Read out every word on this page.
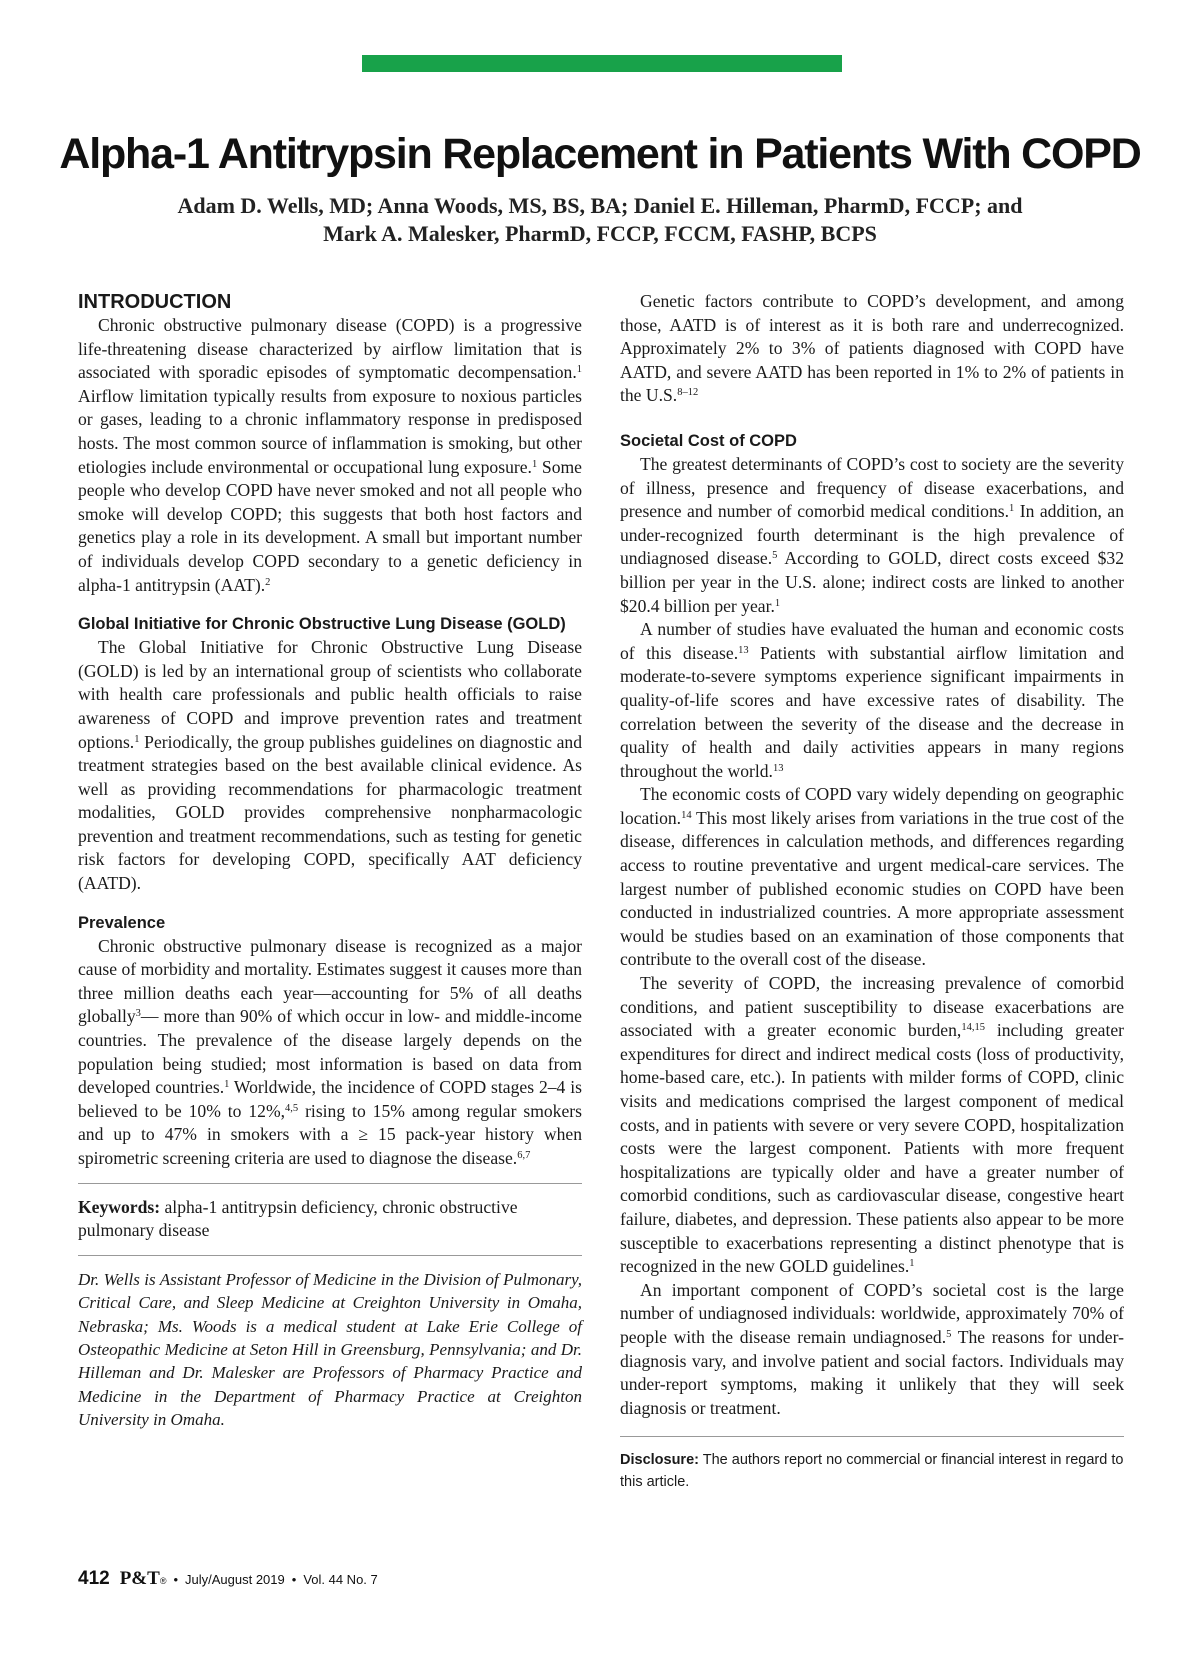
Alpha-1 Antitrypsin Replacement in Patients With COPD
Adam D. Wells, MD; Anna Woods, MS, BS, BA; Daniel E. Hilleman, PharmD, FCCP; and
Mark A. Malesker, PharmD, FCCP, FCCM, FASHP, BCPS
INTRODUCTION

Chronic obstructive pulmonary disease (COPD) is a progressive life-threatening disease characterized by airflow limitation that is associated with sporadic episodes of symptomatic decompensation.$^1$ Airflow limitation typically results from exposure to noxious particles or gases, leading to a chronic inflammatory response in predisposed hosts. The most common source of inflammation is smoking, but other etiologies include environmental or occupational lung exposure.$^1$ Some people who develop COPD have never smoked and not all people who smoke will develop COPD; this suggests that both host factors and genetics play a role in its development. A small but important number of individuals develop COPD secondary to a genetic deficiency in alpha-1 antitrypsin (AAT).$^2$

Global Initiative for Chronic Obstructive Lung Disease (GOLD)

The Global Initiative for Chronic Obstructive Lung Disease (GOLD) is led by an international group of scientists who collaborate with health care professionals and public health officials to raise awareness of COPD and improve prevention rates and treatment options.$^1$ Periodically, the group publishes guidelines on diagnostic and treatment strategies based on the best available clinical evidence. As well as providing recommendations for pharmacologic treatment modalities, GOLD provides comprehensive nonpharmacologic prevention and treatment recommendations, such as testing for genetic risk factors for developing COPD, specifically AAT deficiency (AATD).

Prevalence

Chronic obstructive pulmonary disease is recognized as a major cause of morbidity and mortality. Estimates suggest it causes more than three million deaths each year—accounting for 5% of all deaths globally$^3$— more than 90% of which occur in low- and middle-income countries. The prevalence of the disease largely depends on the population being studied; most information is based on data from developed countries.$^1$ Worldwide, the incidence of COPD stages 2–4 is believed to be 10% to 12%,$^{4,5}$ rising to 15% among regular smokers and up to 47% in smokers with a ≥ 15 pack-year history when spirometric screening criteria are used to diagnose the disease.$^{6,7}$

Keywords: alpha-1 antitrypsin deficiency, chronic obstructive pulmonary disease

Dr. Wells is Assistant Professor of Medicine in the Division of Pulmonary, Critical Care, and Sleep Medicine at Creighton University in Omaha, Nebraska; Ms. Woods is a medical student at Lake Erie College of Osteopathic Medicine at Seton Hill in Greensburg, Pennsylvania; and Dr. Hilleman and Dr. Malesker are Professors of Pharmacy Practice and Medicine in the Department of Pharmacy Practice at Creighton University in Omaha.

Genetic factors contribute to COPD’s development, and among those, AATD is of interest as it is both rare and underrecognized. Approximately 2% to 3% of patients diagnosed with COPD have AATD, and severe AATD has been reported in 1% to 2% of patients in the U.S.$^{8-12}$

Societal Cost of COPD

The greatest determinants of COPD’s cost to society are the severity of illness, presence and frequency of disease exacerbations, and presence and number of comorbid medical conditions.$^1$ In addition, an under-recognized fourth determinant is the high prevalence of undiagnosed disease.$^5$ According to GOLD, direct costs exceed $32 billion per year in the U.S. alone; indirect costs are linked to another $20.4 billion per year.$^1$

A number of studies have evaluated the human and economic costs of this disease.$^{13}$ Patients with substantial airflow limitation and moderate-to-severe symptoms experience significant impairments in quality-of-life scores and have excessive rates of disability. The correlation between the severity of the disease and the decrease in quality of health and daily activities appears in many regions throughout the world.$^{13}$

The economic costs of COPD vary widely depending on geographic location.$^{14}$ This most likely arises from variations in the true cost of the disease, differences in calculation methods, and differences regarding access to routine preventative and urgent medical-care services. The largest number of published economic studies on COPD have been conducted in industrialized countries. A more appropriate assessment would be studies based on an examination of those components that contribute to the overall cost of the disease.

The severity of COPD, the increasing prevalence of comorbid conditions, and patient susceptibility to disease exacerbations are associated with a greater economic burden,$^{14,15}$ including greater expenditures for direct and indirect medical costs (loss of productivity, home-based care, etc.). In patients with milder forms of COPD, clinic visits and medications comprised the largest component of medical costs, and in patients with severe or very severe COPD, hospitalization costs were the largest component. Patients with more frequent hospitalizations are typically older and have a greater number of comorbid conditions, such as cardiovascular disease, congestive heart failure, diabetes, and depression. These patients also appear to be more susceptible to exacerbations representing a distinct phenotype that is recognized in the new GOLD guidelines.$^1$

An important component of COPD’s societal cost is the large number of undiagnosed individuals: worldwide, approximately 70% of people with the disease remain undiagnosed.$^5$ The reasons for under-diagnosis vary, and involve patient and social factors. Individuals may under-report symptoms, making it unlikely that they will seek diagnosis or treatment.

Disclosure: The authors report no commercial or financial interest in regard to this article.

412 P&T® • July/August 2019 • Vol. 44 No. 7
